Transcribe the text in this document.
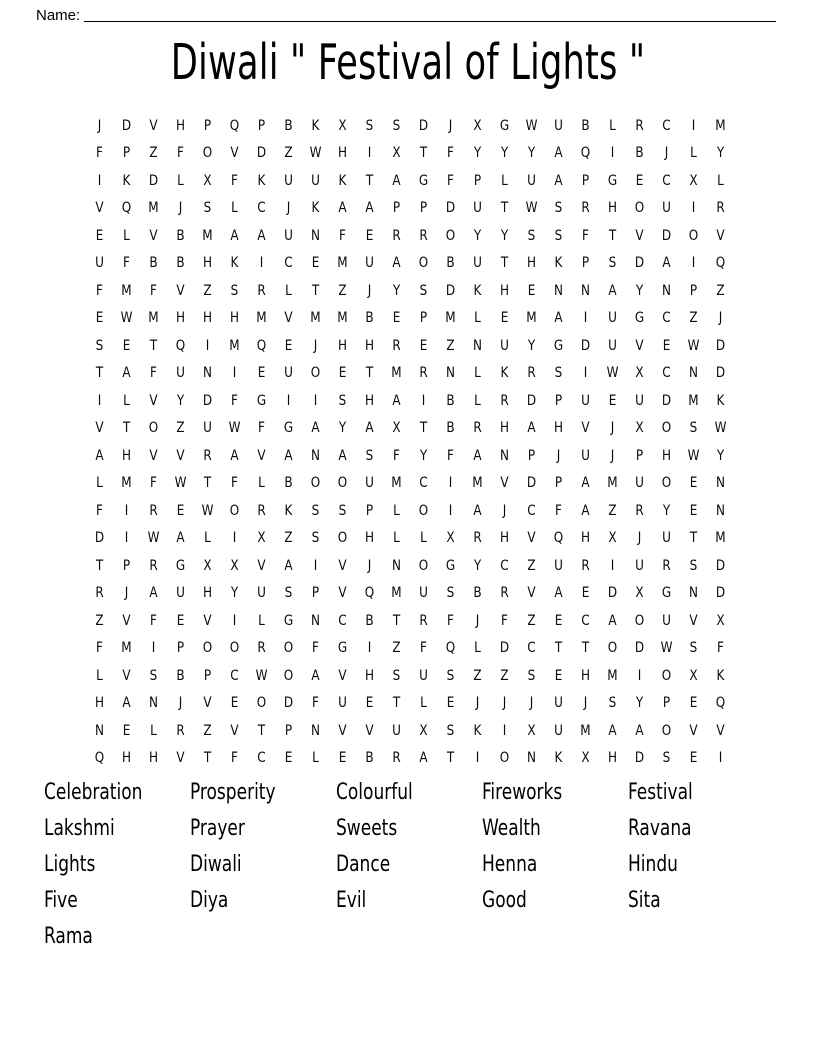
Name:
Diwali " Festival of Lights "
J	D	V	H	P	Q	P	B	K	X	S	S	D	J	X	G	W	U	B	L	R	C	I	M
F	P	Z	F	O	V	D	Z	W	H	I	X	T	F	Y	Y	Y	A	Q	I	B	J	L	Y
I	K	D	L	X	F	K	U	U	K	T	A	G	F	P	L	U	A	P	G	E	C	X	L
V	Q	M	J	S	L	C	J	K	A	A	P	P	D	U	T	W	S	R	H	O	U	I	R
E	L	V	B	M	A	A	U	N	F	E	R	R	O	Y	Y	S	S	F	T	V	D	O	V
U	F	B	B	H	K	I	C	E	M	U	A	O	B	U	T	H	K	P	S	D	A	I	Q
F	M	F	V	Z	S	R	L	T	Z	J	Y	S	D	K	H	E	N	N	A	Y	N	P	Z
E	W	M	H	H	H	M	V	M	M	B	E	P	M	L	E	M	A	I	U	G	C	Z	J
S	E	T	Q	I	M	Q	E	J	H	H	R	E	Z	N	U	Y	G	D	U	V	E	W	D
T	A	F	U	N	I	E	U	O	E	T	M	R	N	L	K	R	S	I	W	X	C	N	D
I	L	V	Y	D	F	G	I	I	S	H	A	I	B	L	R	D	P	U	E	U	D	M	K
V	T	O	Z	U	W	F	G	A	Y	A	X	T	B	R	H	A	H	V	J	X	O	S	W
A	H	V	V	R	A	V	A	N	A	S	F	Y	F	A	N	P	J	U	J	P	H	W	Y
L	M	F	W	T	F	L	B	O	O	U	M	C	I	M	V	D	P	A	M	U	O	E	N
F	I	R	E	W	O	R	K	S	S	P	L	O	I	A	J	C	F	A	Z	R	Y	E	N
D	I	W	A	L	I	X	Z	S	O	H	L	L	X	R	H	V	Q	H	X	J	U	T	M
T	P	R	G	X	X	V	A	I	V	J	N	O	G	Y	C	Z	U	R	I	U	R	S	D
R	J	A	U	H	Y	U	S	P	V	Q	M	U	S	B	R	V	A	E	D	X	G	N	D
Z	V	F	E	V	I	L	G	N	C	B	T	R	F	J	F	Z	E	C	A	O	U	V	X
F	M	I	P	O	O	R	O	F	G	I	Z	F	Q	L	D	C	T	T	O	D	W	S	F
L	V	S	B	P	C	W	O	A	V	H	S	U	S	Z	Z	S	E	H	M	I	O	X	K
H	A	N	J	V	E	O	D	F	U	E	T	L	E	J	J	J	U	J	S	Y	P	E	Q
N	E	L	R	Z	V	T	P	N	V	V	U	X	S	K	I	X	U	M	A	A	O	V	V
Q	H	H	V	T	F	C	E	L	E	B	R	A	T	I	O	N	K	X	H	D	S	E	I
Celebration	Prosperity	Colourful	Fireworks	Festival
Lakshmi	Prayer	Sweets	Wealth	Ravana
Lights	Diwali	Dance	Henna	Hindu
Five	Diya	Evil	Good	Sita
Rama
